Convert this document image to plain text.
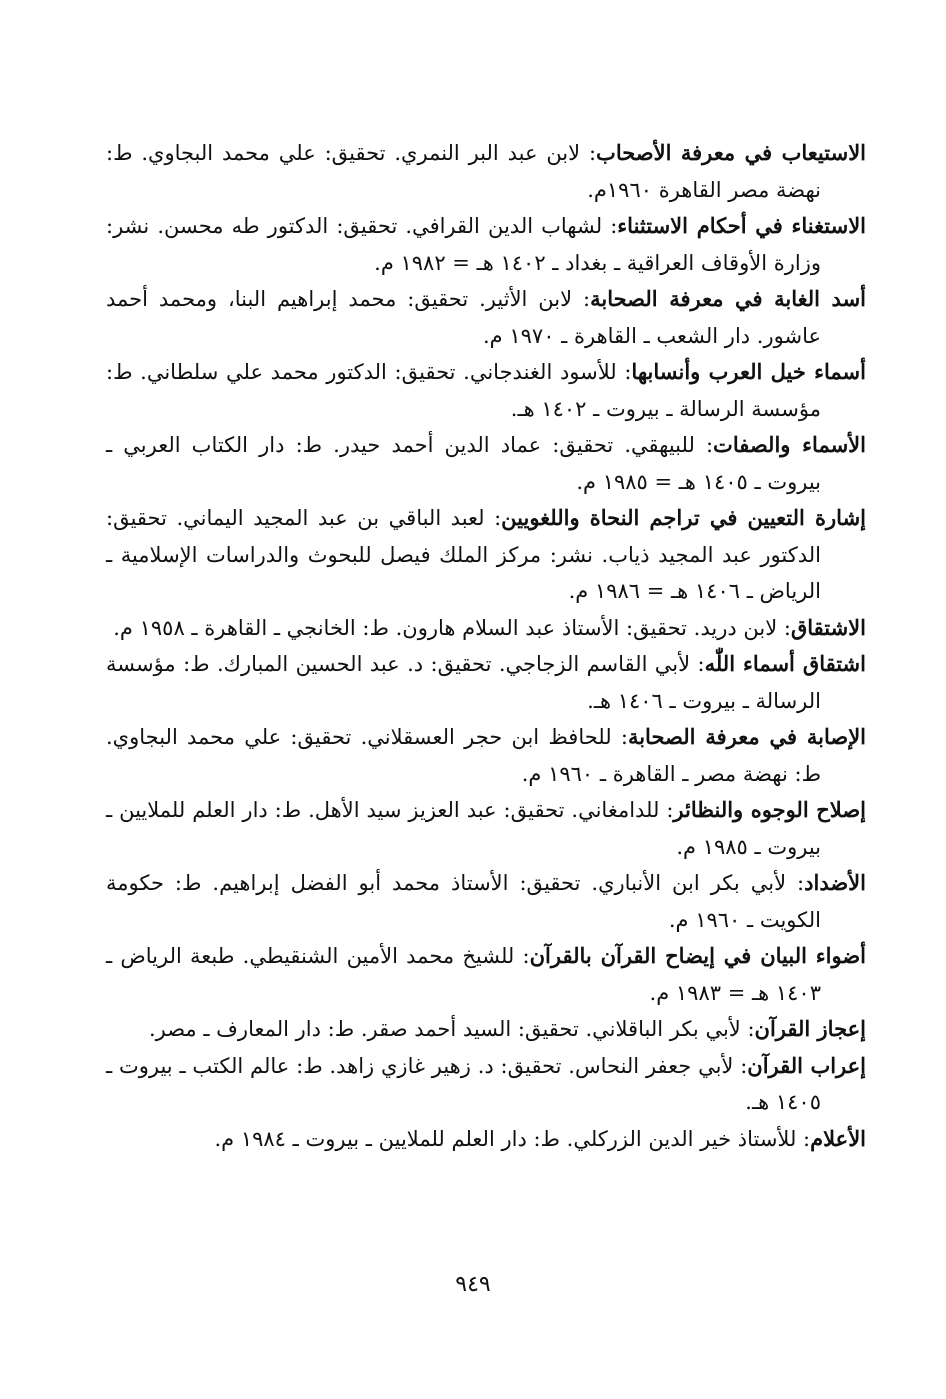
الاستيعاب في معرفة الأصحاب: لابن عبد البر النمري. تحقيق: علي محمد البجاوي. ط: نهضة مصر القاهرة ١٩٦٠م.

الاستغناء في أحكام الاستثناء: لشهاب الدين القرافي. تحقيق: الدكتور طه محسن. نشر: وزارة الأوقاف العراقية ـ بغداد ـ ١٤٠٢ هـ = ١٩٨٢ م.

أسد الغابة في معرفة الصحابة: لابن الأثير. تحقيق: محمد إبراهيم البنا، ومحمد أحمد عاشور. دار الشعب ـ القاهرة ـ ١٩٧٠ م.

أسماء خيل العرب وأنسابها: للأسود الغندجاني. تحقيق: الدكتور محمد علي سلطاني. ط: مؤسسة الرسالة ـ بيروت ـ ١٤٠٢ هـ.

الأسماء والصفات: للبيهقي. تحقيق: عماد الدين أحمد حيدر. ط: دار الكتاب العربي ـ بيروت ـ ١٤٠٥ هـ = ١٩٨٥ م.

إشارة التعيين في تراجم النحاة واللغويين: لعبد الباقي بن عبد المجيد اليماني. تحقيق: الدكتور عبد المجيد ذياب. نشر: مركز الملك فيصل للبحوث والدراسات الإسلامية ـ الرياض ـ ١٤٠٦ هـ = ١٩٨٦ م.

الاشتقاق: لابن دريد. تحقيق: الأستاذ عبد السلام هارون. ط: الخانجي ـ القاهرة ـ ١٩٥٨ م.

اشتقاق أسماء اللّٰه: لأبي القاسم الزجاجي. تحقيق: د. عبد الحسين المبارك. ط: مؤسسة الرسالة ـ بيروت ـ ١٤٠٦ هـ.

الإصابة في معرفة الصحابة: للحافظ ابن حجر العسقلاني. تحقيق: علي محمد البجاوي. ط: نهضة مصر ـ القاهرة ـ ١٩٦٠ م.

إصلاح الوجوه والنظائر: للدامغاني. تحقيق: عبد العزيز سيد الأهل. ط: دار العلم للملايين ـ بيروت ـ ١٩٨٥ م.

الأضداد: لأبي بكر ابن الأنباري. تحقيق: الأستاذ محمد أبو الفضل إبراهيم. ط: حكومة الكويت ـ ١٩٦٠ م.

أضواء البيان في إيضاح القرآن بالقرآن: للشيخ محمد الأمين الشنقيطي. طبعة الرياض ـ ١٤٠٣ هـ = ١٩٨٣ م.

إعجاز القرآن: لأبي بكر الباقلاني. تحقيق: السيد أحمد صقر. ط: دار المعارف ـ مصر.

إعراب القرآن: لأبي جعفر النحاس. تحقيق: د. زهير غازي زاهد. ط: عالم الكتب ـ بيروت ـ ١٤٠٥ هـ.

الأعلام: للأستاذ خير الدين الزركلي. ط: دار العلم للملايين ـ بيروت ـ ١٩٨٤ م.

٩٤٩
